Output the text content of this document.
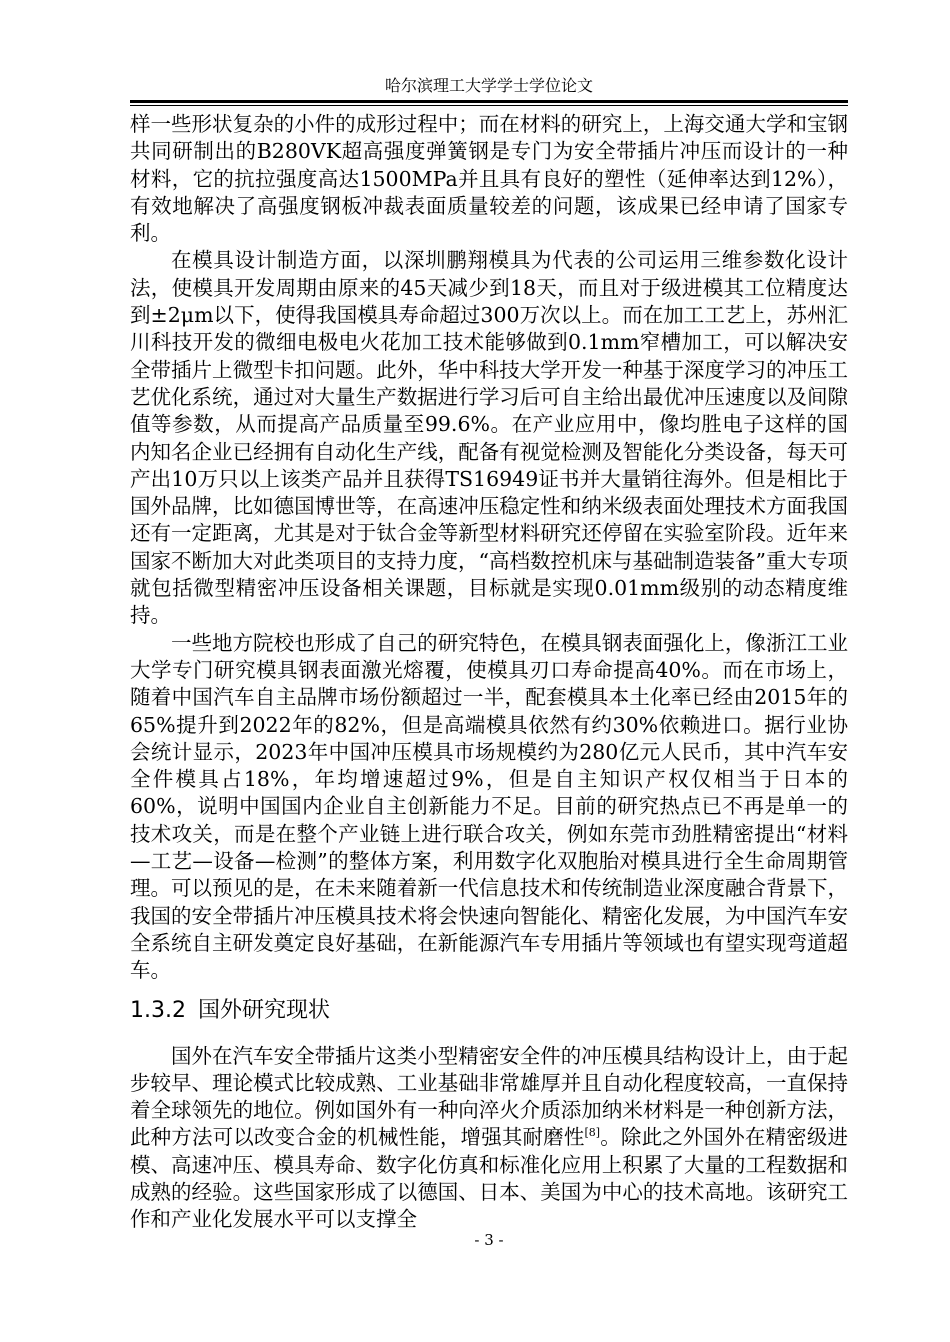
哈尔滨理工大学学士学位论文

样一些形状复杂的小件的成形过程中；而在材料的研究上，上海交通大学和宝钢共同研制出的B280VK超高强度弹簧钢是专门为安全带插片冲压而设计的一种材料，它的抗拉强度高达1500MPa并且具有良好的塑性（延伸率达到12%），有效地解决了高强度钢板冲裁表面质量较差的问题，该成果已经申请了国家专利。

在模具设计制造方面，以深圳鹏翔模具为代表的公司运用三维参数化设计法，使模具开发周期由原来的45天减少到18天，而且对于级进模其工位精度达到±2μm以下，使得我国模具寿命超过300万次以上。而在加工工艺上，苏州汇川科技开发的微细电极电火花加工技术能够做到0.1mm窄槽加工，可以解决安全带插片上微型卡扣问题。此外，华中科技大学开发一种基于深度学习的冲压工艺优化系统，通过对大量生产数据进行学习后可自主给出最优冲压速度以及间隙值等参数，从而提高产品质量至99.6%。在产业应用中，像均胜电子这样的国内知名企业已经拥有自动化生产线，配备有视觉检测及智能化分类设备，每天可产出10万只以上该类产品并且获得TS16949证书并大量销往海外。但是相比于国外品牌，比如德国博世等，在高速冲压稳定性和纳米级表面处理技术方面我国还有一定距离，尤其是对于钛合金等新型材料研究还停留在实验室阶段。近年来国家不断加大对此类项目的支持力度，“高档数控机床与基础制造装备”重大专项就包括微型精密冲压设备相关课题，目标就是实现0.01mm级别的动态精度维持。

一些地方院校也形成了自己的研究特色，在模具钢表面强化上，像浙江工业大学专门研究模具钢表面激光熔覆，使模具刃口寿命提高40%。而在市场上，随着中国汽车自主品牌市场份额超过一半，配套模具本土化率已经由2015年的65%提升到2022年的82%，但是高端模具依然有约30%依赖进口。据行业协会统计显示，2023年中国冲压模具市场规模约为280亿元人民币，其中汽车安全件模具占18%，年均增速超过9%，但是自主知识产权仅相当于日本的60%，说明中国国内企业自主创新能力不足。目前的研究热点已不再是单一的技术攻关，而是在整个产业链上进行联合攻关，例如东莞市劲胜精密提出“材料—工艺—设备—检测”的整体方案，利用数字化双胞胎对模具进行全生命周期管理。可以预见的是，在未来随着新一代信息技术和传统制造业深度融合背景下，我国的安全带插片冲压模具技术将会快速向智能化、精密化发展，为中国汽车安全系统自主研发奠定良好基础，在新能源汽车专用插片等领域也有望实现弯道超车。

1.3.2 国外研究现状

国外在汽车安全带插片这类小型精密安全件的冲压模具结构设计上，由于起步较早、理论模式比较成熟、工业基础非常雄厚并且自动化程度较高，一直保持着全球领先的地位。例如国外有一种向淬火介质添加纳米材料是一种创新方法，此种方法可以改变合金的机械性能，增强其耐磨性[8]。除此之外国外在精密级进模、高速冲压、模具寿命、数字化仿真和标准化应用上积累了大量的工程数据和成熟的经验。这些国家形成了以德国、日本、美国为中心的技术高地。该研究工作和产业化发展水平可以支撑全

- 3 -
